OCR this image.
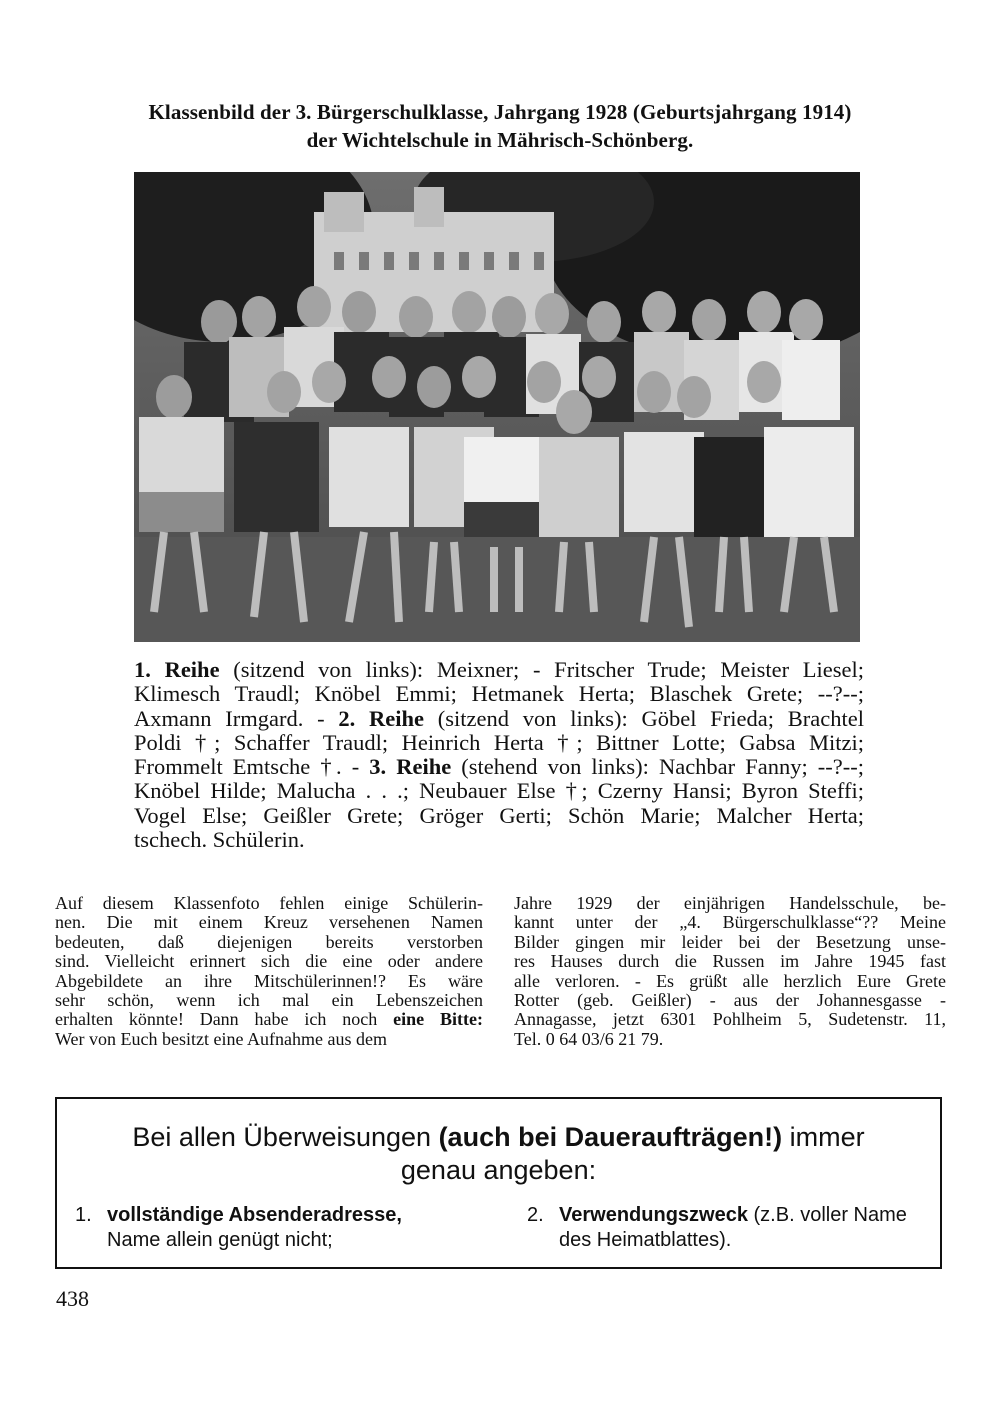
Klassenbild der 3. Bürgerschulklasse, Jahrgang 1928 (Geburtsjahrgang 1914)
der Wichtelschule in Mährisch-Schönberg.
1. Reihe (sitzend von links): Meixner; - Fritscher Trude; Meister Liesel;
Klimesch Traudl; Knöbel Emmi; Hetmanek Herta; Blaschek Grete; --?--;
Axmann Irmgard. - 2. Reihe (sitzend von links): Göbel Frieda; Brachtel
Poldi †; Schaffer Traudl; Heinrich Herta †; Bittner Lotte; Gabsa Mitzi;
Frommelt Emtsche †. - 3. Reihe (stehend von links): Nachbar Fanny; --?--;
Knöbel Hilde; Malucha . . .; Neubauer Else †; Czerny Hansi; Byron Steffi;
Vogel Else; Geißler Grete; Gröger Gerti; Schön Marie; Malcher Herta;
tschech. Schülerin.
Auf diesem Klassenfoto fehlen einige Schülerin-
nen. Die mit einem Kreuz versehenen Namen
bedeuten, daß diejenigen bereits verstorben
sind. Vielleicht erinnert sich die eine oder andere
Abgebildete an ihre Mitschülerinnen!? Es wäre
sehr schön, wenn ich mal ein Lebenszeichen
erhalten könnte! Dann habe ich noch eine Bitte:
Wer von Euch besitzt eine Aufnahme aus dem
Jahre 1929 der einjährigen Handelsschule, be-
kannt unter der „4. Bürgerschulklasse“?? Meine
Bilder gingen mir leider bei der Besetzung unse-
res Hauses durch die Russen im Jahre 1945 fast
alle verloren. - Es grüßt alle herzlich Eure Grete
Rotter (geb. Geißler) - aus der Johannesgasse -
Annagasse, jetzt 6301 Pohlheim 5, Sudetenstr. 11,
Tel. 0 64 03/6 21 79.
Bei allen Überweisungen (auch bei Daueraufträgen!) immer
genau angeben:
1. vollständige Absenderadresse,
Name allein genügt nicht;
2. Verwendungszweck (z.B. voller Name
des Heimatblattes).
438
